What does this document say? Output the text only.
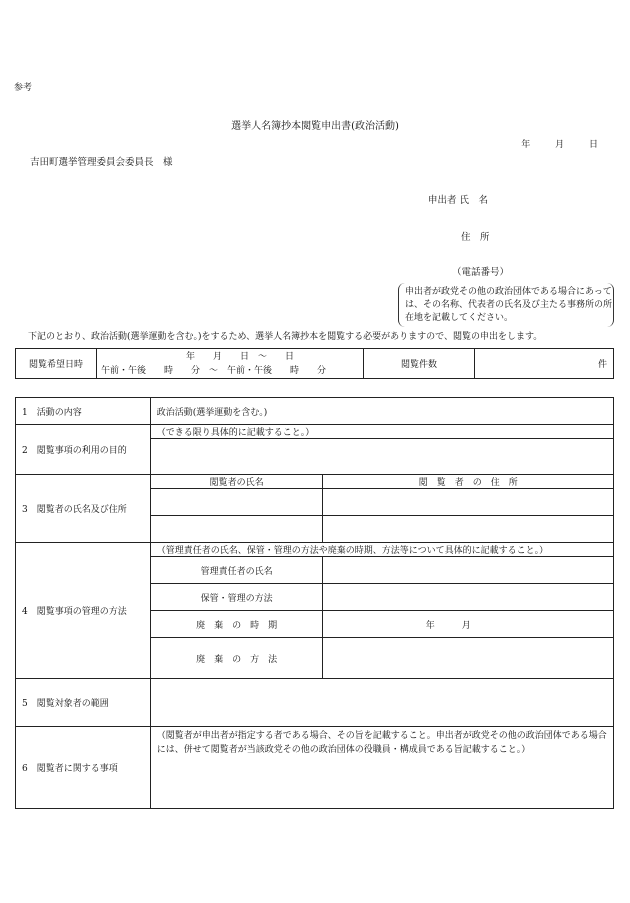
参考
選挙人名簿抄本閲覧申出書(政治活動)
年	月	日
吉田町選挙管理委員会委員長　様
申出者 氏　名
住　所
（電話番号）
申出者が政党その他の政治団体である場合にあっては、その名称、代表者の氏名及び主たる事務所の所在地を記載してください。
下記のとおり、政治活動(選挙運動を含む。)をするため、選挙人名簿抄本を閲覧する必要がありますので、閲覧の申出をします。
閲覧希望日時	
年　　月　　日　～　　日
午前・午後　　時　　分　～　午前・午後　　時　　分
	閲覧件数	件
1　活動の内容	政治活動(選挙運動を含む。)	
2　閲覧事項の利用の目的	（できる限り具体的に記載すること。）	

3　閲覧者の氏名及び住所	閲覧者の氏名	閲　覧　者　の　住　所

4　閲覧事項の管理の方法	（管理責任者の氏名、保管・管理の方法や廃棄の時期、方法等について具体的に記載すること。）	
	管理責任者の氏名	
	保管・管理の方法	
	廃　棄　の　時　期	年　　　月
	廃　棄　の　方　法	
5　閲覧対象者の範囲		
6　閲覧者に関する事項	（閲覧者が申出者が指定する者である場合、その旨を記載すること。申出者が政党その他の政治団体である場合には、併せて閲覧者が当該政党その他の政治団体の役職員・構成員である旨記載すること。）	
